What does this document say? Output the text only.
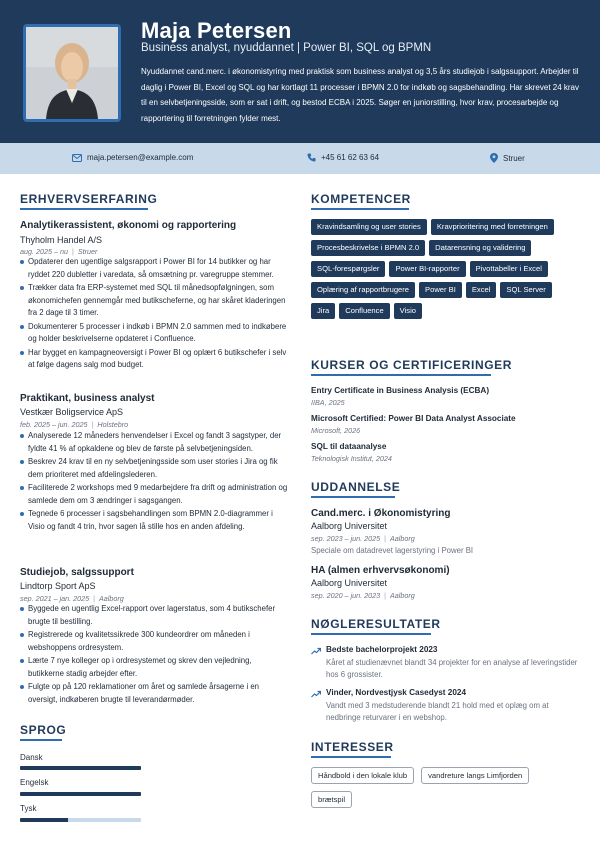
Maja Petersen
Business analyst, nyuddannet | Power BI, SQL og BPMN
Nyuddannet cand.merc. i økonomistyring med praktisk som business analyst og 3,5 års studiejob i salgssupport. Arbejder til daglig i Power BI, Excel og SQL og har kortlagt 11 processer i BPMN 2.0 for indkøb og sagsbehandling. Har skrevet 24 krav til en selvbetjeningsside, som er sat i drift, og bestod ECBA i 2025. Søger en juniorstilling, hvor krav, procesarbejde og rapportering til forretningen fylder mest.
maja.petersen@example.com	+45 61 62 63 64	Struer
ERHVERVSERFARING
Analytikerassistent, økonomi og rapportering
Thyholm Handel A/S
aug. 2025 – nu | Struer
Opdaterer den ugentlige salgsrapport i Power BI for 14 butikker og har ryddet 220 dubletter i varedata, så omsætning pr. varegruppe stemmer.
Trækker data fra ERP-systemet med SQL til månedsopfølgningen, som økonomichefen gennemgår med butikscheferne, og har skåret kladeringen fra 2 dage til 3 timer.
Dokumenterer 5 processer i indkøb i BPMN 2.0 sammen med to indkøbere og holder beskrivelserne opdateret i Confluence.
Har bygget en kampagneoversigt i Power BI og oplært 6 butikschefer i selv at følge dagens salg mod budget.
Praktikant, business analyst
Vestkær Boligservice ApS
feb. 2025 – jun. 2025 | Holstebro
Analyserede 12 måneders henvendelser i Excel og fandt 3 sagstyper, der fyldte 41 % af opkaldene og blev de første på selvbetjeningsiden.
Beskrev 24 krav til en ny selvbetjeningsside som user stories i Jira og fik dem prioriteret med afdelingslederen.
Faciliterede 2 workshops med 9 medarbejdere fra drift og administration og samlede dem om 3 ændringer i sagsgangen.
Tegnede 6 processer i sagsbehandlingen som BPMN 2.0-diagrammer i Visio og fandt 4 trin, hvor sagen lå stille hos en anden afdeling.
Studiejob, salgssupport
Lindtorp Sport ApS
sep. 2021 – jan. 2025 | Aalborg
Byggede en ugentlig Excel-rapport over lagerstatus, som 4 butikschefer brugte til bestilling.
Registrerede og kvalitetssikrede 300 kundeordrer om måneden i webshoppens ordresystem.
Lærte 7 nye kolleger op i ordresystemet og skrev den vejledning, butikkerne stadig arbejder efter.
Fulgte op på 120 reklamationer om året og samlede årsagerne i en oversigt, indkøberen brugte til leverandørmøder.
SPROG
Dansk
Engelsk
Tysk
KOMPETENCER
Kravindsamling og user stories	Kravprioritering med forretningen
Procesbeskrivelse i BPMN 2.0	Datarensning og validering
SQL-forespørgsler	Power BI-rapporter	Pivottabeller i Excel
Oplæring af rapportbrugere	Power BI	Excel	SQL Server
Jira	Confluence	Visio
KURSER OG CERTIFICERINGER
Entry Certificate in Business Analysis (ECBA)
IIBA, 2025
Microsoft Certified: Power BI Data Analyst Associate
Microsoft, 2026
SQL til dataanalyse
Teknologisk Institut, 2024
UDDANNELSE
Cand.merc. i Økonomistyring
Aalborg Universitet
sep. 2023 – jun. 2025 | Aalborg
Speciale om datadrevet lagerstyring i Power BI
HA (almen erhvervsøkonomi)
Aalborg Universitet
sep. 2020 – jun. 2023 | Aalborg
NØGLERESULTATER
Bedste bachelorprojekt 2023
Kåret af studienævnet blandt 34 projekter for en analyse af leveringstider hos 6 grossister.
Vinder, Nordvestjysk Casedyst 2024
Vandt med 3 medstuderende blandt 21 hold med et oplæg om at nedbringe returvarer i en webshop.
INTERESSER
Håndbold i den lokale klub	vandreture langs Limfjorden
brætspil
